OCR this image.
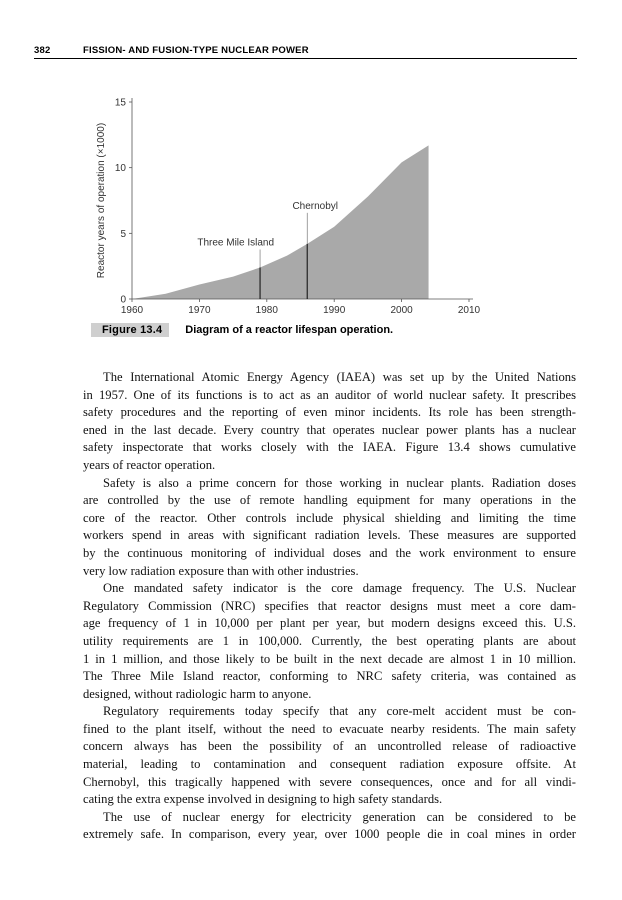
382	FISSION- AND FUSION-TYPE NUCLEAR POWER
0
5
10
15
1960	1970	1980	1990	2000	2010
Reactor years of operation (×1000)	Three Mile Island
Chernobyl
Figure 13.4	Diagram of a reactor lifespan operation.

The International Atomic Energy Agency (IAEA) was set up by the United Nations
in 1957. One of its functions is to act as an auditor of world nuclear safety. It prescribes
safety procedures and the reporting of even minor incidents. Its role has been strength-
ened in the last decade. Every country that operates nuclear power plants has a nuclear
safety inspectorate that works closely with the IAEA. Figure 13.4 shows cumulative
years of reactor operation.

Safety is also a prime concern for those working in nuclear plants. Radiation doses
are controlled by the use of remote handling equipment for many operations in the
core of the reactor. Other controls include physical shielding and limiting the time
workers spend in areas with significant radiation levels. These measures are supported
by the continuous monitoring of individual doses and the work environment to ensure
very low radiation exposure than with other industries.

One mandated safety indicator is the core damage frequency. The U.S. Nuclear
Regulatory Commission (NRC) specifies that reactor designs must meet a core dam-
age frequency of 1 in 10,000 per plant per year, but modern designs exceed this. U.S.
utility requirements are 1 in 100,000. Currently, the best operating plants are about
1 in 1 million, and those likely to be built in the next decade are almost 1 in 10 million.
The Three Mile Island reactor, conforming to NRC safety criteria, was contained as
designed, without radiologic harm to anyone.

Regulatory requirements today specify that any core-melt accident must be con-
fined to the plant itself, without the need to evacuate nearby residents. The main safety
concern always has been the possibility of an uncontrolled release of radioactive
material, leading to contamination and consequent radiation exposure offsite. At
Chernobyl, this tragically happened with severe consequences, once and for all vindi-
cating the extra expense involved in designing to high safety standards.

The use of nuclear energy for electricity generation can be considered to be
extremely safe. In comparison, every year, over 1000 people die in coal mines in order
